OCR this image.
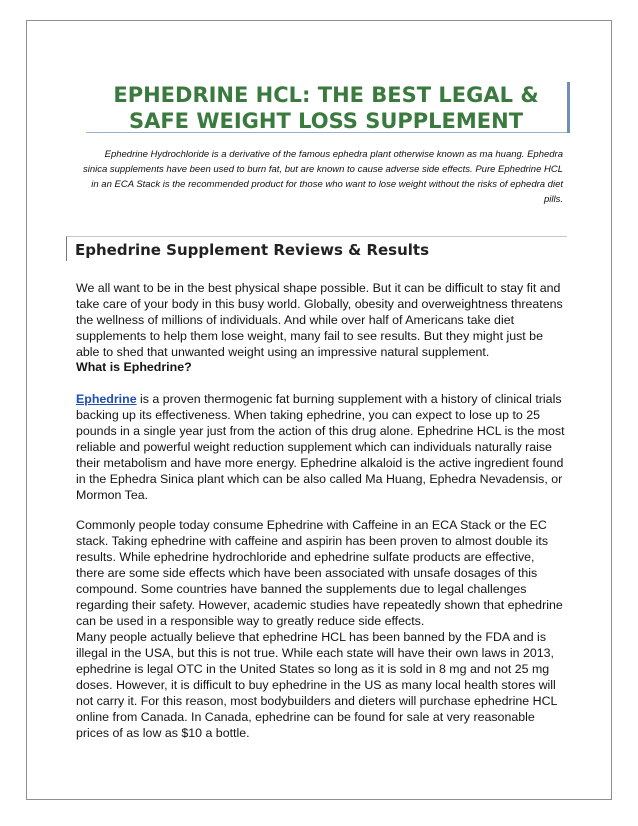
EPHEDRINE HCL: THE BEST LEGAL &
SAFE WEIGHT LOSS SUPPLEMENT
Ephedrine Hydrochloride is a derivative of the famous ephedra plant otherwise known as ma huang. Ephedra sinica supplements have been used to burn fat, but are known to cause adverse side effects. Pure Ephedrine HCL in an ECA Stack is the recommended product for those who want to lose weight without the risks of ephedra diet pills.
Ephedrine Supplement Reviews & Results

We all want to be in the best physical shape possible. But it can be difficult to stay fit and take care of your body in this busy world. Globally, obesity and overweightness threatens the wellness of millions of individuals. And while over half of Americans take diet supplements to help them lose weight, many fail to see results. But they might just be able to shed that unwanted weight using an impressive natural supplement.

What is Ephedrine?

Ephedrine is a proven thermogenic fat burning supplement with a history of clinical trials backing up its effectiveness. When taking ephedrine, you can expect to lose up to 25 pounds in a single year just from the action of this drug alone. Ephedrine HCL is the most reliable and powerful weight reduction supplement which can individuals naturally raise their metabolism and have more energy. Ephedrine alkaloid is the active ingredient found in the Ephedra Sinica plant which can be also called Ma Huang, Ephedra Nevadensis, or Mormon Tea.

Commonly people today consume Ephedrine with Caffeine in an ECA Stack or the EC stack. Taking ephedrine with caffeine and aspirin has been proven to almost double its results. While ephedrine hydrochloride and ephedrine sulfate products are effective, there are some side effects which have been associated with unsafe dosages of this compound. Some countries have banned the supplements due to legal challenges regarding their safety. However, academic studies have repeatedly shown that ephedrine can be used in a responsible way to greatly reduce side effects.

Many people actually believe that ephedrine HCL has been banned by the FDA and is illegal in the USA, but this is not true. While each state will have their own laws in 2013, ephedrine is legal OTC in the United States so long as it is sold in 8 mg and not 25 mg doses. However, it is difficult to buy ephedrine in the US as many local health stores will not carry it. For this reason, most bodybuilders and dieters will purchase ephedrine HCL online from Canada. In Canada, ephedrine can be found for sale at very reasonable prices of as low as $10 a bottle.
